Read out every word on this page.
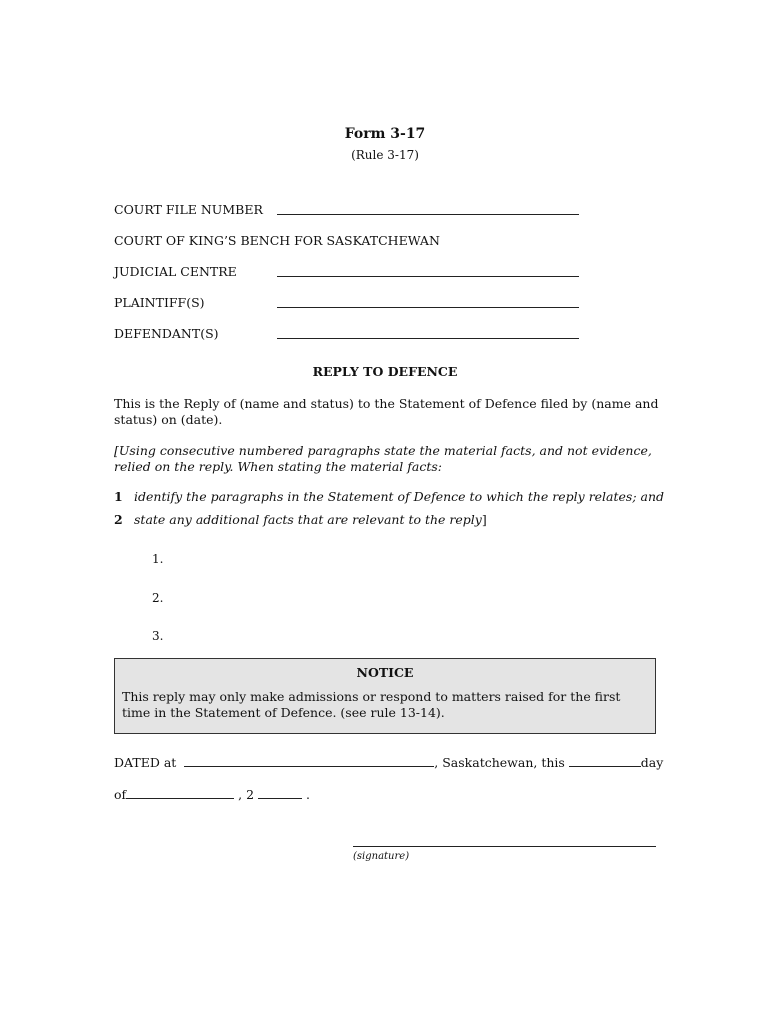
Form 3-17
(Rule 3-17)
COURT FILE NUMBER
COURT OF KING’S BENCH FOR SASKATCHEWAN
JUDICIAL CENTRE
PLAINTIFF(S)
DEFENDANT(S)
REPLY TO DEFENCE
This is the Reply of (name and status) to the Statement of Defence filed by (name and status) on (date).
[Using consecutive numbered paragraphs state the material facts, and not evidence, relied on the reply. When stating the material facts:
1 identify the paragraphs in the Statement of Defence to which the reply relates; and
2 state any additional facts that are relevant to the reply]
1.
2.
3.
NOTICE
This reply may only make admissions or respond to matters raised for the first time in the Statement of Defence. (see rule 13-14).
DATED at	, Saskatchewan, this	day
of	, 2	.
(signature)
